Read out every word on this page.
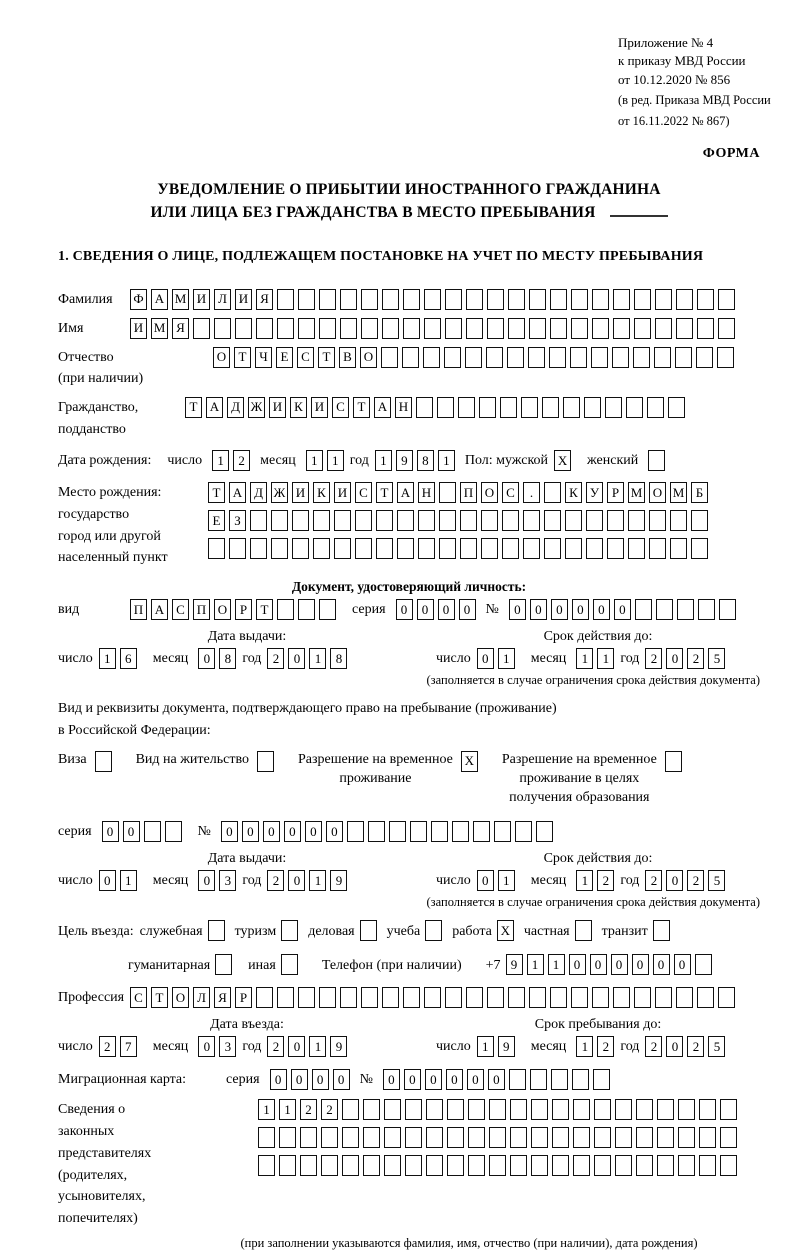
Приложение № 4
к приказу МВД России
от 10.12.2020 № 856
(в ред. Приказа МВД России
от 16.11.2022 № 867)
ФОРМА
УВЕДОМЛЕНИЕ О ПРИБЫТИИ ИНОСТРАННОГО ГРАЖДАНИНА
ИЛИ ЛИЦА БЕЗ ГРАЖДАНСТВА В МЕСТО ПРЕБЫВАНИЯ
1. СВЕДЕНИЯ О ЛИЦЕ, ПОДЛЕЖАЩЕМ ПОСТАНОВКЕ НА УЧЕТ ПО МЕСТУ ПРЕБЫВАНИЯ
Фамилия	Ф А М И Л И Я
Имя	И М Я
Отчество
(при наличии)
О Т Ч Е С Т В О
Гражданство,
подданство
Т А Д Ж И К И С Т А Н
Дата рождения: число	1	2	месяц	1	1 год 1	9	8	1	Пол: мужской X женский
Место рождения:
государство
город или другой
населенный пункт
Т А Д Ж И К И С Т А Н	П О С	.	К У Р М О М Б
Е	З
Документ, удостоверяющий личность:
вид	П А С П О Р	Т	серия	0	0	0	0	№	0	0	0	0	0	0
Дата выдачи:
число 1	6	месяц	0	8 год 2	0	1	8
Срок действия до:
число 0	1	месяц	1	1 год 2	0	2	5
(заполняется в случае ограничения срока действия документа)
Вид и реквизиты документа, подтверждающего право на пребывание (проживание)
в Российской Федерации:
Виза	Вид на жительство	Разрешение на временное
проживание
X Разрешение на временное
проживание в целях
получения образования
серия	0	0	№	0	0	0	0	0	0
Дата выдачи:
число 0	1	месяц	0	3 год 2	0	1	9
Срок действия до:
число 0	1	месяц	1	2 год 2	0	2	5
(заполняется в случае ограничения срока действия документа)
Цель въезда: служебная туризм деловая учеба работа X частная транзит
гуманитарная	иная	Телефон (при наличии) +7 9	1	1	0	0	0	0	0	0
Профессия С Т О Л Я	Р
Дата въезда:
число 2	7	месяц	0	3 год 2	0	1	9
Срок пребывания до:
число 1	9	месяц	1	2 год 2	0	2	5
Миграционная карта:	серия	0	0	0	0	№	0	0	0	0	0	0
Сведения о
законных
представителях
(родителях,
усыновителях,
попечителях)
1	1	2	2
(при заполнении указываются фамилия, имя, отчество (при наличии), дата рождения)
